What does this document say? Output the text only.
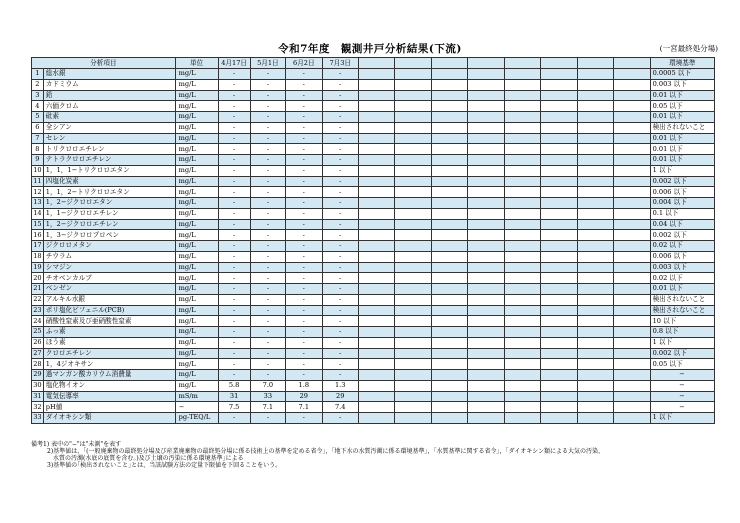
令和7年度　観測井戸分析結果(下流)	(一宮最終処分場)
分析項目		単位	4月17日	5月1日	6月2日	7月3日									環境基準
1	総水銀	mg/L	-	-	-	-									0.0005 以下
2	カドミウム	mg/L	-	-	-	-									0.003 以下
3	鉛	mg/L	-	-	-	-									0.01 以下
4	六価クロム	mg/L	-	-	-	-									0.05 以下
5	砒素	mg/L	-	-	-	-									0.01 以下
6	全シアン	mg/L	-	-	-	-									検出されないこと
7	セレン	mg/L	-	-	-	-									0.01 以下
8	トリクロロエチレン	mg/L	-	-	-	-									0.01 以下
9	テトラクロロエチレン	mg/L	-	-	-	-									0.01 以下
10	1，1，1−トリクロロエタン	mg/L	-	-	-	-									1 以下
11	四塩化炭素	mg/L	-	-	-	-									0.002 以下
12	1，1，2−トリクロロエタン	mg/L	-	-	-	-									0.006 以下
13	1，2−ジクロロエタン	mg/L	-	-	-	-									0.004 以下
14	1，1−ジクロロエチレン	mg/L	-	-	-	-									0.1 以下
15	1，2−ジクロロエチレン	mg/L	-	-	-	-									0.04 以下
16	1，3−ジクロロプロペン	mg/L	-	-	-	-									0.002 以下
17	ジクロロメタン	mg/L	-	-	-	-									0.02 以下
18	チウラム	mg/L	-	-	-	-									0.006 以下
19	シマジン	mg/L	-	-	-	-									0.003 以下
20	チオベンカルブ	mg/L	-	-	-	-									0.02 以下
21	ベンゼン	mg/L	-	-	-	-									0.01 以下
22	アルキル水銀	mg/L	-	-	-	-									検出されないこと
23	ポリ塩化ビフェニル(PCB)	mg/L	-	-	-	-									検出されないこと
24	硝酸性窒素及び亜硝酸性窒素	mg/L	-	-	-	-									10 以下
25	ふっ素	mg/L	-	-	-	-									0.8 以下
26	ほう素	mg/L	-	-	-	-									1 以下
27	クロロエチレン	mg/L	-	-	-	-									0.002 以下
28	1，4ジオキサン	mg/L	-	-	-	-									0.05 以下
29	過マンガン酸カリウム消費量	mg/L	-	-	-	-									−
30	塩化物イオン	mg/L	5.8	7.0	1.8	1.3									−
31	電気伝導率	mS/m	31	33	29	29									−
32	pH値	−	7.5	7.1	7.1	7.4									−
33	ダイオキシン類	pg-TEQ/L	-	-	-	-									1 以下
備考1) 表中の"−"は"未測"を表す
2)基準値は、｢(一般廃棄物の最終処分場及び産業廃棄物の最終処分場に係る技術上の基準を定める省令｣，｢地下水の水質汚濁に係る環境基準｣，｢水質基準に関する省令｣，｢ダイオキシン類による大気の汚染、
水質の汚濁(水底の底質を含む。)及び土壌の汚染に係る環境基準｣による
3)基準値の｢検出されないこと｣とは、当該試験方法の定量下限値を下回ることをいう。
